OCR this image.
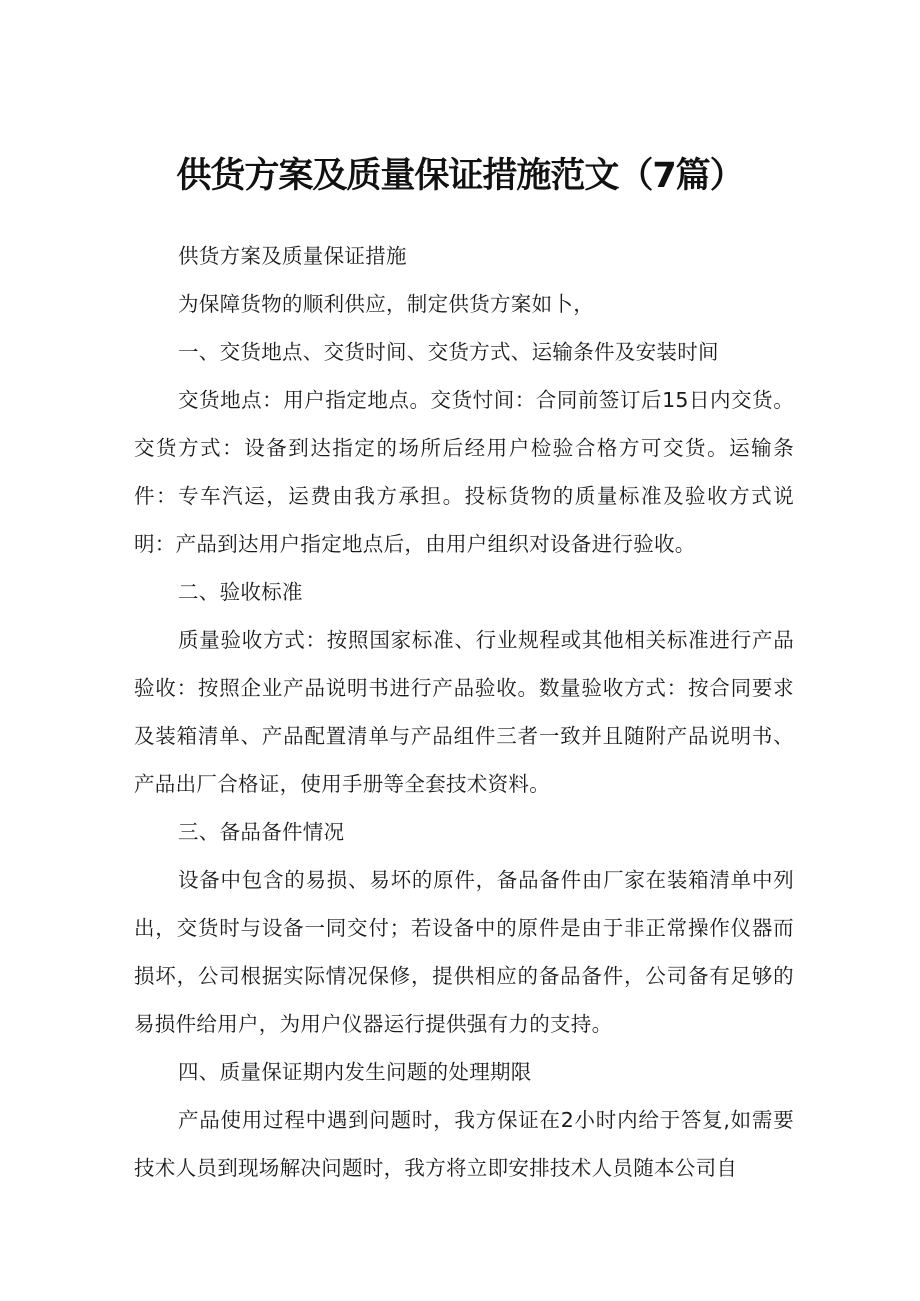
供货方案及质量保证措施范文（7篇）

供货方案及质量保证措施

为保障货物的顺利供应，制定供货方案如卜，

一、交货地点、交货时间、交货方式、运输条件及安装时间

交货地点：用户指定地点。交货忖间：合同前签订后15日内交货。交货方式：设备到达指定的场所后经用户检验合格方可交货。运输条件：专车汽运，运费由我方承担。投标货物的质量标准及验收方式说明：产品到达用户指定地点后，由用户组织对设备进行验收。

二、验收标准

质量验收方式：按照国家标准、行业规程或其他相关标准进行产品验收：按照企业产品说明书进行产品验收。数量验收方式：按合同要求及装箱清单、产品配置清单与产品组件三者一致并且随附产品说明书、产品出厂合格证，使用手册等全套技术资料。

三、备品备件情况

设备中包含的易损、易坏的原件，备品备件由厂家在装箱清单中列出，交货时与设备一同交付；若设备中的原件是由于非正常操作仪器而损坏，公司根据实际情况保修，提供相应的备品备件，公司备有足够的易损件给用户，为用户仪器运行提供强有力的支持。

四、质量保证期内发生问题的处理期限

产品使用过程中遇到问题时，我方保证在2小时内给于答复,如需要技术人员到现场解决问题时，我方将立即安排技术人员随本公司自
